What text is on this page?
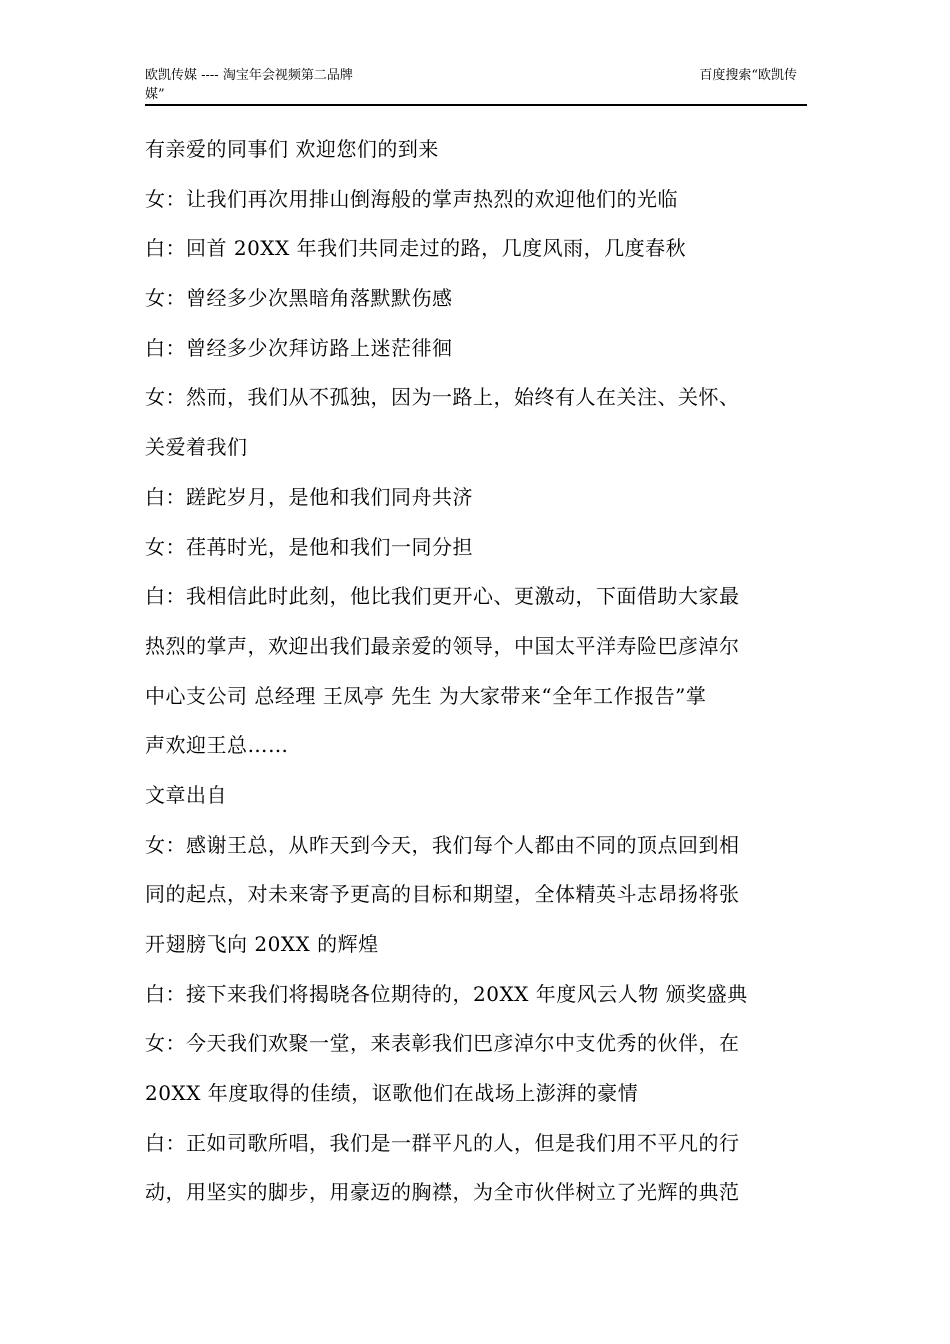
欧凯传媒 ---- 淘宝年会视频第二品牌
媒”
百度搜索“欧凯传
有亲爱的同事们 欢迎您们的到来
女：让我们再次用排山倒海般的掌声热烈的欢迎他们的光临
白：回首 20XX 年我们共同走过的路，几度风雨，几度春秋
女：曾经多少次黑暗角落默默伤感
白：曾经多少次拜访路上迷茫徘徊
女：然而，我们从不孤独，因为一路上，始终有人在关注、关怀、
关爱着我们
白：蹉跎岁月，是他和我们同舟共济
女：荏苒时光，是他和我们一同分担
白：我相信此时此刻，他比我们更开心、更激动，下面借助大家最
热烈的掌声，欢迎出我们最亲爱的领导，中国太平洋寿险巴彦淖尔
中心支公司 总经理 王凤亭 先生 为大家带来“全年工作报告”掌
声欢迎王总……
文章出自
女：感谢王总，从昨天到今天，我们每个人都由不同的顶点回到相
同的起点，对未来寄予更高的目标和期望，全体精英斗志昂扬将张
开翅膀飞向 20XX 的辉煌
白：接下来我们将揭晓各位期待的，20XX 年度风云人物 颁奖盛典
女：今天我们欢聚一堂，来表彰我们巴彦淖尔中支优秀的伙伴，在
20XX 年度取得的佳绩，讴歌他们在战场上澎湃的豪情
白：正如司歌所唱，我们是一群平凡的人，但是我们用不平凡的行
动，用坚实的脚步，用豪迈的胸襟，为全市伙伴树立了光辉的典范
